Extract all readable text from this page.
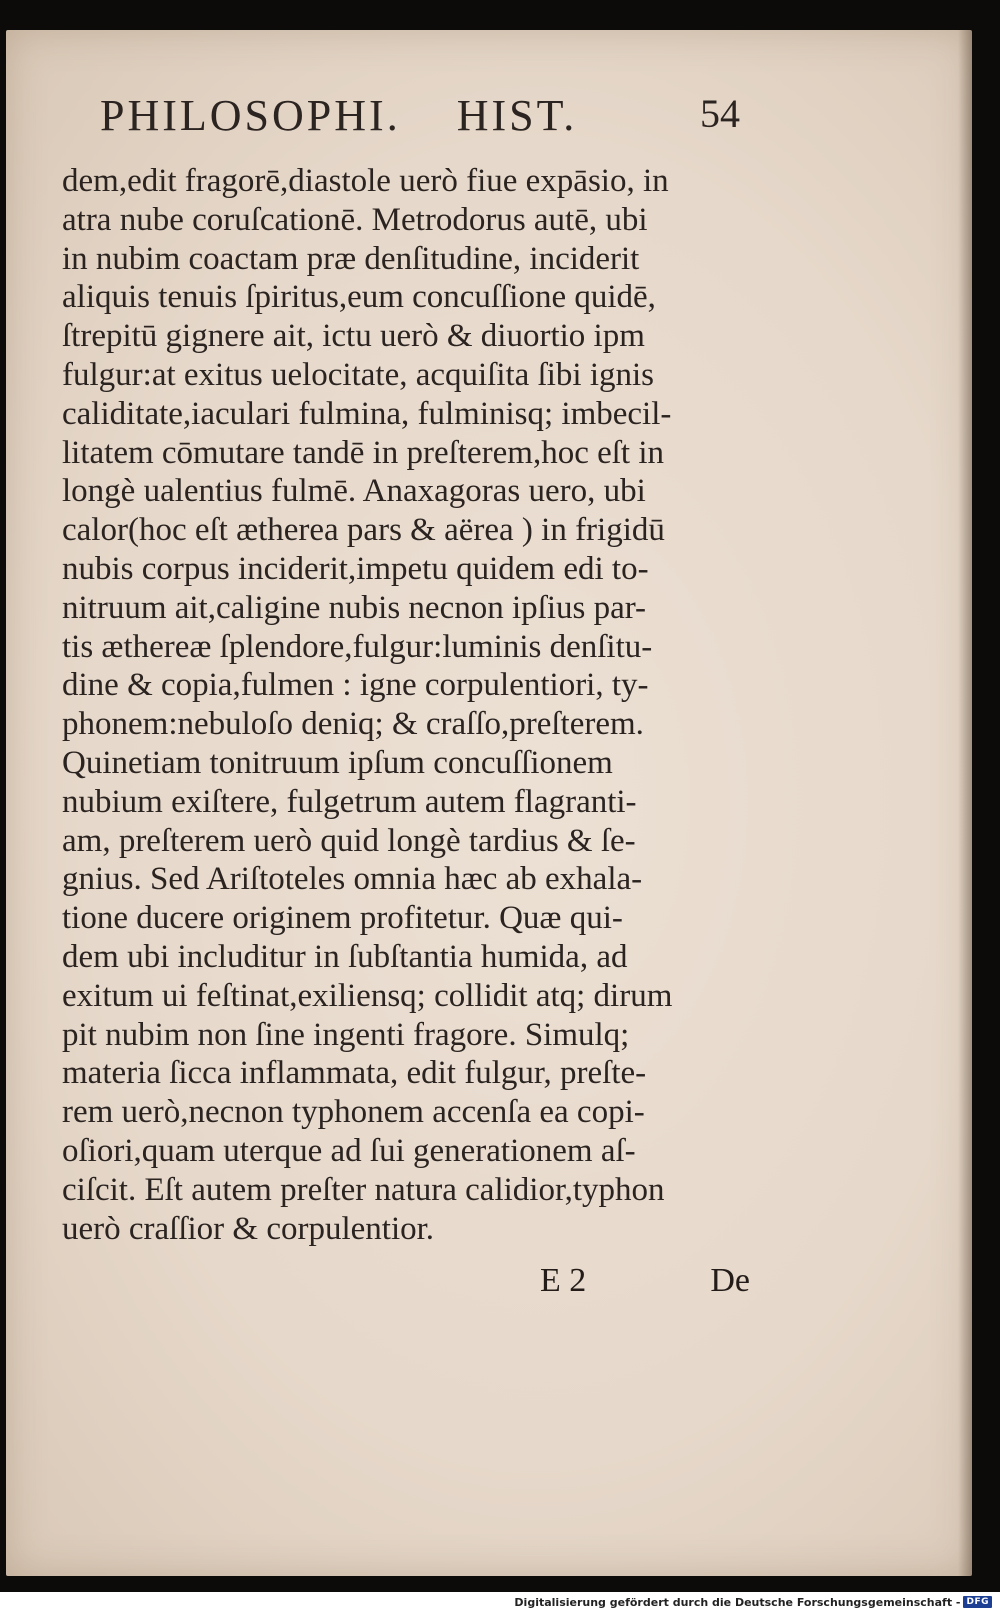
PHILOSOPHI.  HIST.	54
dem,edit fragorē,diastole uerò fiue expāsio, in
atra nube coruſcationē. Metrodorus autē, ubi
in nubim coactam præ denſitudine, inciderit
aliquis tenuis ſpiritus,eum concuſſione quidē,
ſtrepitū gignere ait, ictu uerò & diuortio ipm
fulgur:at exitus uelocitate, acquiſita ſibi ignis
caliditate,iaculari fulmina, fulminisq; imbecil-
litatem cōmutare tandē in preſterem,hoc eſt in
longè ualentius fulmē. Anaxagoras uero, ubi
calor(hoc eſt ætherea pars & aërea ) in frigidū
nubis corpus inciderit,impetu quidem edi to-
nitruum ait,caligine nubis necnon ipſius par-
tis æthereæ ſplendore,fulgur:luminis denſitu-
dine & copia,fulmen : igne corpulentiori, ty-
phonem:nebuloſo deniq; & craſſo,preſterem.
Quinetiam tonitruum ipſum concuſſionem
nubium exiſtere, fulgetrum autem flagranti-
am, preſterem uerò quid longè tardius & ſe-
gnius. Sed Ariſtoteles omnia hæc ab exhala-
tione ducere originem profitetur. Quæ qui-
dem ubi includitur in ſubſtantia humida, ad
exitum ui feſtinat,exiliensq; collidit atq; dirum
pit nubim non ſine ingenti fragore. Simulq;
materia ſicca inflammata, edit fulgur, preſte-
rem uerò,necnon typhonem accenſa ea copi-
oſiori,quam uterque ad ſui generationem aſ-
ciſcit. Eſt autem preſter natura calidior,typhon
uerò craſſior & corpulentior.
E 2	De
Digitalisierung gefördert durch die Deutsche Forschungsgemeinschaft - DFG
